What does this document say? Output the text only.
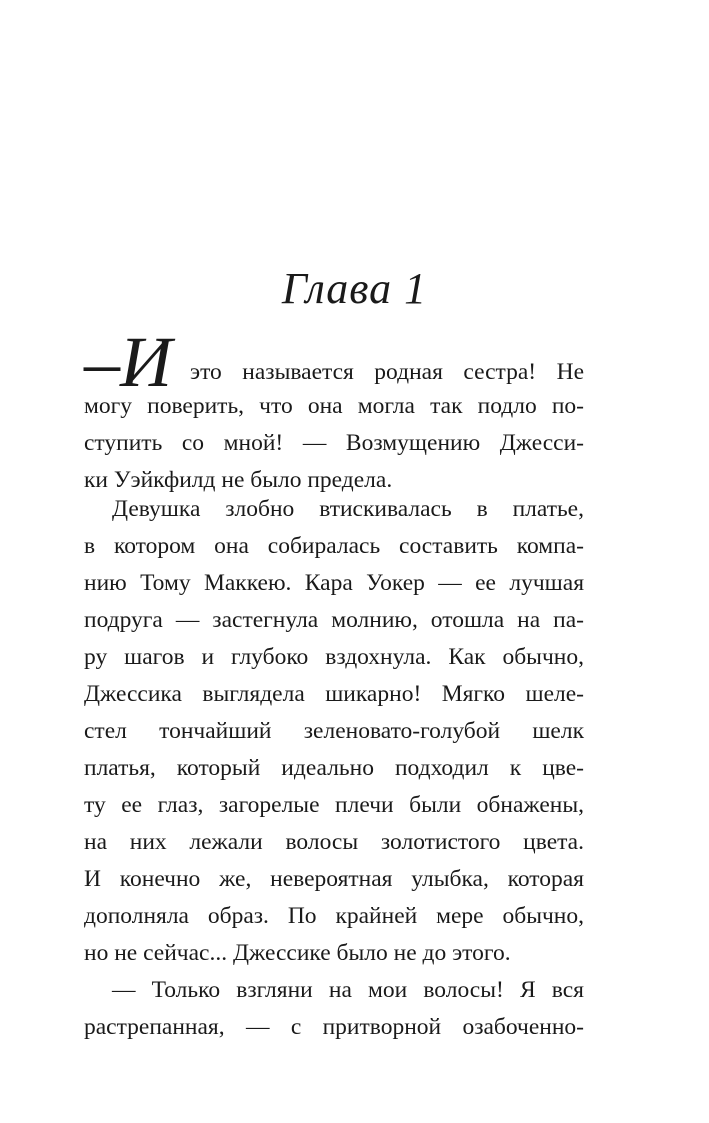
Глава 1
–И это называется родная сестра! Не
могу поверить, что она могла так подло по-
ступить со мной! — Возмущению Джесси-
ки Уэйкфилд не было предела.
Девушка злобно втискивалась в платье,
в котором она собиралась составить компа-
нию Тому Маккею. Кара Уокер — ее лучшая
подруга — застегнула молнию, отошла на па-
ру шагов и глубоко вздохнула. Как обычно,
Джессика выглядела шикарно! Мягко шеле-
стел тончайший зеленовато-голубой шелк
платья, который идеально подходил к цве-
ту ее глаз, загорелые плечи были обнажены,
на них лежали волосы золотистого цвета.
И конечно же, невероятная улыбка, которая
дополняла образ. По крайней мере обычно,
но не сейчас... Джессике было не до этого.
— Только взгляни на мои волосы! Я вся
растрепанная, — с притворной озабоченно-
